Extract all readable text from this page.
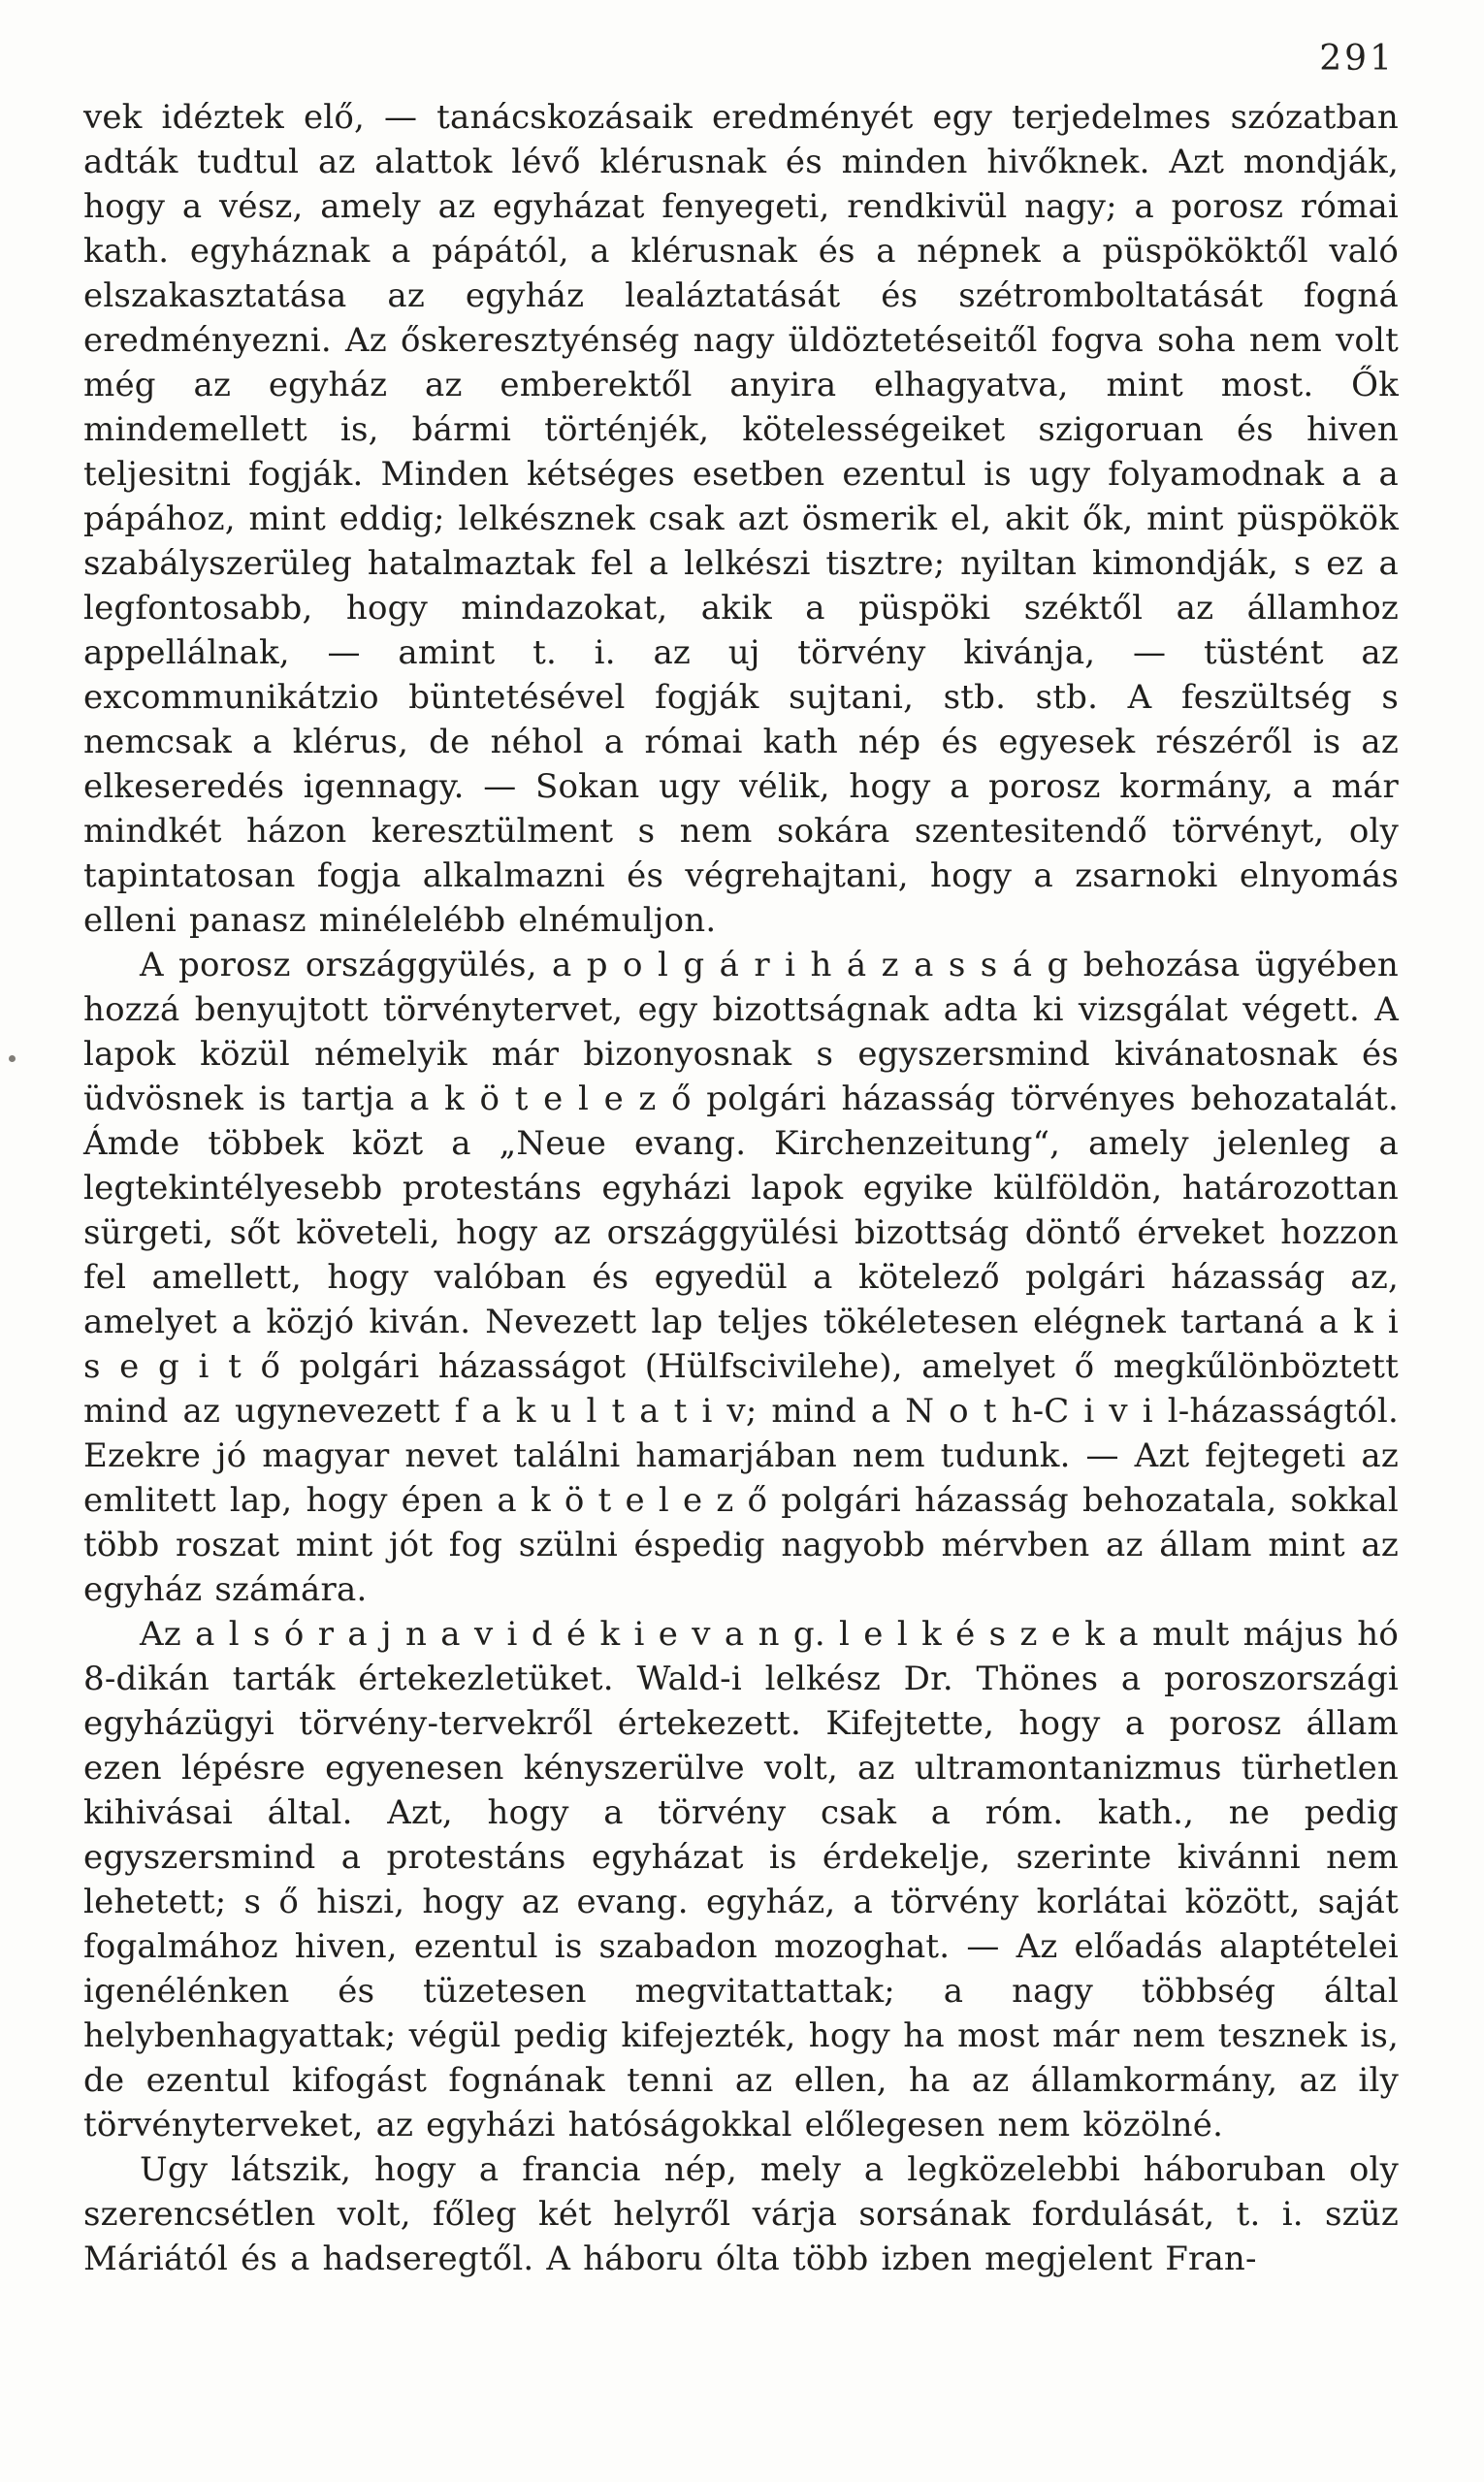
291

vek idéztek elő, — tanácskozásaik eredményét egy terjedelmes szózatban adták tudtul az alattok lévő klérusnak és minden hivőknek. Azt mondják, hogy a vész, amely az egyházat fenyegeti, rendkivül nagy; a porosz római kath. egyháznak a pápától, a klérusnak és a népnek a püspököktől való elszakasztatása az egyház lealáztatását és szétromboltatását fogná eredményezni. Az őskeresztyénség nagy üldöztetéseitől fogva soha nem volt még az egyház az emberektől anyira elhagyatva, mint most. Ők mindemellett is, bármi történjék, kötelességeiket szigoruan és hiven teljesitni fogják. Minden kétséges esetben ezentul is ugy folyamodnak a a pápához, mint eddig; lelkésznek csak azt ösmerik el, akit ők, mint püspökök szabályszerüleg hatalmaztak fel a lelkészi tisztre; nyiltan kimondják, s ez a legfontosabb, hogy mindazokat, akik a püspöki széktől az államhoz appellálnak, — amint t. i. az uj törvény kivánja, — tüstént az excommunikátzio büntetésével fogják sujtani, stb. stb. A feszültség s nemcsak a klérus, de néhol a római kath nép és egyesek részéről is az elkeseredés igennagy. — Sokan ugy vélik, hogy a porosz kormány, a már mindkét házon keresztülment s nem sokára szentesitendő törvényt, oly tapintatosan fogja alkalmazni és végrehajtani, hogy a zsarnoki elnyomás elleni panasz minélelébb elnémuljon.

A porosz országgyülés, a p o l g á r i h á z a s s á g behozása ügyében hozzá benyujtott törvénytervet, egy bizottságnak adta ki vizsgálat végett. A lapok közül némelyik már bizonyosnak s egyszersmind kivánatosnak és üdvösnek is tartja a k ö t e l e z ő polgári házasság törvényes behozatalát. Ámde többek közt a „Neue evang. Kirchenzeitung“, amely jelenleg a legtekintélyesebb protestáns egyházi lapok egyike külföldön, határozottan sürgeti, sőt követeli, hogy az országgyülési bizottság döntő érveket hozzon fel amellett, hogy valóban és egyedül a kötelező polgári házasság az, amelyet a közjó kiván. Nevezett lap teljes tökéletesen elégnek tartaná a k i s e g i t ő polgári házasságot (Hülfscivilehe), amelyet ő megkűlönböztett mind az ugynevezett f a k u l t a t i v; mind a N o t h-C i v i l-házasságtól. Ezekre jó magyar nevet találni hamarjában nem tudunk. — Azt fejtegeti az emlitett lap, hogy épen a k ö t e l e z ő polgári házasság behozatala, sokkal több roszat mint jót fog szülni éspedig nagyobb mérvben az állam mint az egyház számára.

Az a l s ó r a j n a v i d é k i e v a n g. l e l k é s z e k a mult május hó 8-dikán tarták értekezletüket. Wald-i lelkész Dr. Thönes a poroszországi egyházügyi törvény-tervekről értekezett. Kifejtette, hogy a porosz állam ezen lépésre egyenesen kényszerülve volt, az ultramontanizmus türhetlen kihivásai által. Azt, hogy a törvény csak a róm. kath., ne pedig egyszersmind a protestáns egyházat is érdekelje, szerinte kivánni nem lehetett; s ő hiszi, hogy az evang. egyház, a törvény korlátai között, saját fogalmához hiven, ezentul is szabadon mozoghat. — Az előadás alaptételei igenélénken és tüzetesen megvitattattak; a nagy többség által helybenhagyattak; végül pedig kifejezték, hogy ha most már nem tesznek is, de ezentul kifogást fognának tenni az ellen, ha az államkormány, az ily törvényterveket, az egyházi hatóságokkal előlegesen nem közölné.

Ugy látszik, hogy a francia nép, mely a legközelebbi háboruban oly szerencsétlen volt, főleg két helyről várja sorsának fordulását, t. i. szüz Máriától és a hadseregtől. A háboru ólta több izben megjelent Fran-
